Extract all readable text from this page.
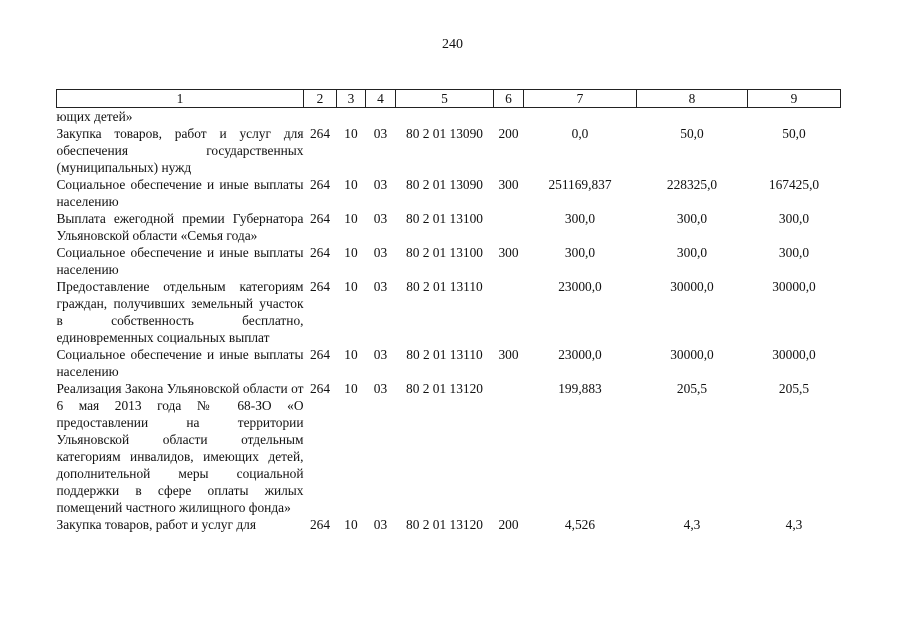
240
1	2	3	4	5	6	7	8	9
ющих детей»								
Закупка товаров, работ и услуг для обеспечения государственных (муниципальных) нужд	264	10	03	80 2 01 13090	200	0,0	50,0	50,0
Социальное обеспечение и иные выплаты населению	264	10	03	80 2 01 13090	300	251169,837	228325,0	167425,0
Выплата ежегодной премии Губернатора Ульяновской области «Семья года»	264	10	03	80 2 01 13100		300,0	300,0	300,0
Социальное обеспечение и иные выплаты населению	264	10	03	80 2 01 13100	300	300,0	300,0	300,0
Предоставление отдельным категориям граждан, получивших земельный участок в собственность бесплатно, единовременных социальных выплат	264	10	03	80 2 01 13110		23000,0	30000,0	30000,0
Социальное обеспечение и иные выплаты населению	264	10	03	80 2 01 13110	300	23000,0	30000,0	30000,0
Реализация Закона Ульяновской области от 6 мая 2013 года № 68-ЗО «О предоставлении на территории Ульяновской области отдельным категориям инвалидов, имеющих детей, дополнительной меры социальной поддержки в сфере оплаты жилых помещений частного жилищного фонда»	264	10	03	80 2 01 13120		199,883	205,5	205,5
Закупка товаров, работ и услуг для	264	10	03	80 2 01 13120	200	4,526	4,3	4,3
